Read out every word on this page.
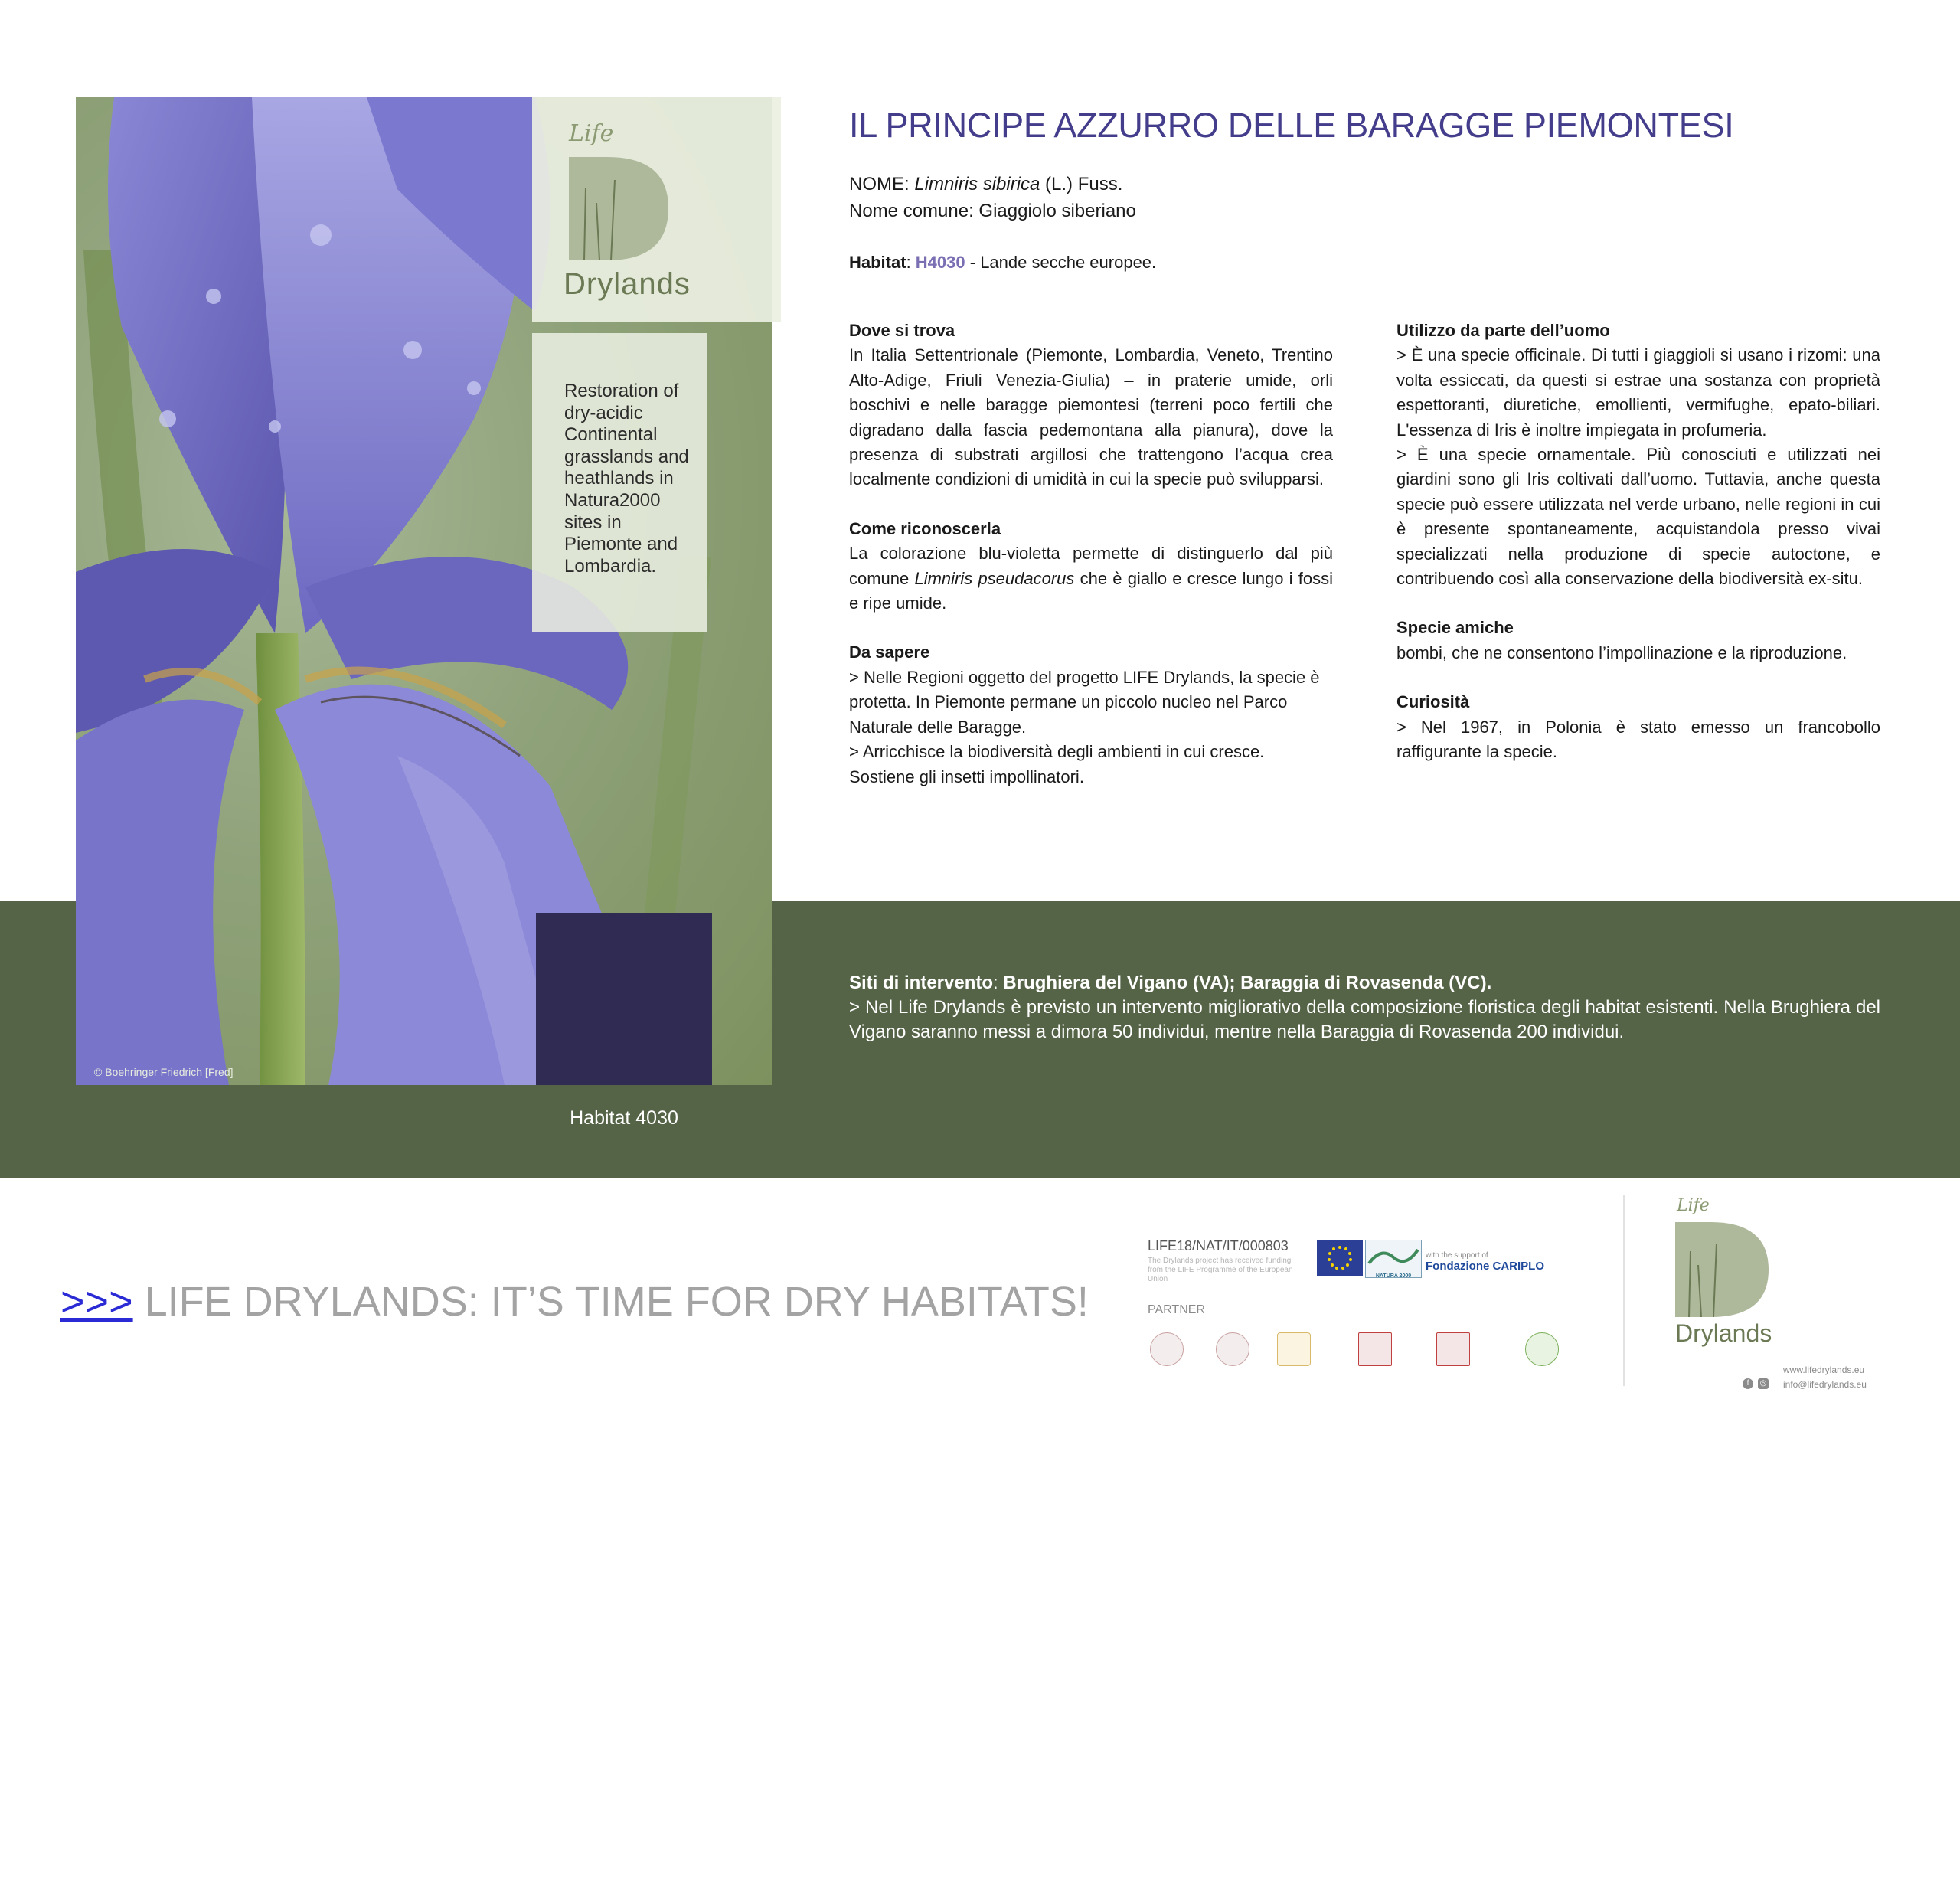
Life
Drylands
Restoration of dry-acidic Continental grasslands and heathlands in Natura2000 sites in Piemonte and Lombardia.
Limniris sibirica L.
Habitat 4030
© Boehringer Friedrich [Fred]
IL PRINCIPE AZZURRO DELLE BARAGGE PIEMONTESI
NOME: Limniris sibirica (L.) Fuss.
Nome comune: Giaggiolo siberiano
Habitat: H4030 - Lande secche europee.
Dove si trova

In Italia Settentrionale (Piemonte, Lombardia, Veneto, Trentino Alto-Adige, Friuli Venezia-Giulia) – in praterie umide, orli boschivi e nelle baragge piemontesi (terreni poco fertili che digradano dalla fascia pedemontana alla pianura), dove la presenza di substrati argillosi che trattengono l’acqua crea localmente condizioni di umidità in cui la specie può svilupparsi.

Come riconoscerla

La colorazione blu-violetta permette di distinguerlo dal più comune Limniris pseudacorus che è giallo e cresce lungo i fossi e ripe umide.

Da sapere

> Nelle Regioni oggetto del progetto LIFE Drylands, la specie è protetta. In Piemonte permane un piccolo nucleo nel Parco Naturale delle Baragge.

> Arricchisce la biodiversità degli ambienti in cui cresce. Sostiene gli insetti impollinatori.

Utilizzo da parte dell’uomo

> È una specie officinale. Di tutti i giaggioli si usano i rizomi: una volta essiccati, da questi si estrae una sostanza con proprietà espettoranti, diuretiche, emollienti, vermifughe, epato-biliari. L'essenza di Iris è inoltre impiegata in profumeria.

> È una specie ornamentale. Più conosciuti e utilizzati nei giardini sono gli Iris coltivati dall’uomo. Tuttavia, anche questa specie può essere utilizzata nel verde urbano, nelle regioni in cui è presente spontaneamente, acquistandola presso vivai specializzati nella produzione di specie autoctone, e contribuendo così alla conservazione della biodiversità ex-situ.

Specie amiche

bombi, che ne consentono l’impollinazione e la riproduzione.

Curiosità

> Nel 1967, in Polonia è stato emesso un francobollo raffigurante la specie.

Siti di intervento: Brughiera del Vigano (VA); Baraggia di Rovasenda (VC).
> Nel Life Drylands è previsto un intervento migliorativo della composizione floristica degli habitat esistenti. Nella Brughiera del Vigano saranno messi a dimora 50 individui, mentre nella Baraggia di Rovasenda 200 individui.
>>> LIFE DRYLANDS: IT’S TIME FOR DRY HABITATS!
LIFE18/NAT/IT/000803
The Drylands project has received funding from the LIFE Programme of the European Union	NATURA 2000
with the support of
Fondazione CARIPLO
PARTNER
Life
Drylands
www.lifedrylands.eu
f	◎ info@lifedrylands.eu
